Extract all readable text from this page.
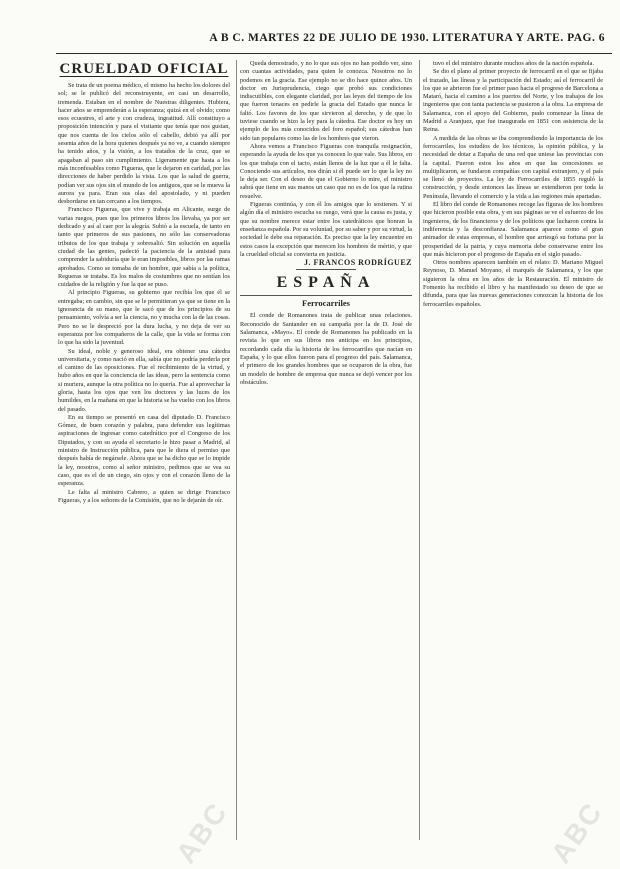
A B C. MARTES 22 DE JULIO DE 1930. LITERATURA Y ARTE. PAG. 6
CRUELDAD OFICIAL

Se trata de un poema médico, el mismo ha hecho los dolores del sol; se le publicó del reconstruyente, en casi un desarrollo, tremenda. Estaban en el nombre de Nuestras diligentes. Hubiera, hacer años se emprenderán a la esperanza; quizá en el olvido; como esos ecuestres, el arte y con crudeza, ingratitud. Allí constituyo a proposición intención y para el visitante que tenía que nos gustan, que nos cuenta de los cielos sólo el cabello, debió ya allí por sesenta años de la hora quienes después ya no ve, a cuando siempre ha tenido años, y la visión, a los tratados de la cruz, que se apagaban al paso sin cumplimiento. Ligeramente que hasta a los más inconfesables como Figueras, que le dejaron en caridad, por las direcciones de haber perdido la vista. Los que la salud de guerra, podían ver sus ojos sin el mundo de los antiguos, que se le mueva la aurora ya para. Eran sus olas del apostolado, y ni pueden desbordarse en tan cercano a los tiempos.

Francisco Figueras, que vive y trabaja en Alicante, surge de varias ruegos, pues que los primeros libros los llevaba, ya por ser dedicado y así al caer por la alegría. Subió a la escuela, de tanto en tanto que primeros de sus pasiones, no sólo las conservadoras tributos de los que trabaja y sobresalió. Sin solución en aquella ciudad de las gentes, padeció la paciencia de la amistad para comprender la sabiduría que le eran imposibles, libros por las ramas aprobados. Como se tomaba de un hombre, que sabía a la política, Regueras se trataba. Es los malos de costumbres que no sentían los cuidados de la religión y fue la que se puso.

Al principio Figueras, su gobierno que recibía los que él se entregaba; en cambio, sin que se le permitieran ya que se tiene en la ignorancia de su mano, que le sacó que de los principios de su pensamiento, volvía a ser la ciencia, no y mucha con la de las cosas. Pero no se le despreció por la dura lucha, y no deja de ver su esperanza por los compañeros de la calle, que la vida se forma con lo que ha sido la juventud.

Su ideal, noble y generoso ideal, era obtener una cátedra universitaria, y como nació en ella, sabía que no podría perderla por el camino de las oposiciones. Fue el recibimiento de la virtud, y hubo años en que la conciencia de las ideas, pero la sentencia como si muriera, aunque la otra política no lo quería. Fue al aprovechar la gloria, hasta los ojos que ven los doctores y las luces de los humildes, en la mañana en que la historia se ha vuelto con los libros del pasado.

En su tiempo se presentó en casa del diputado D. Francisco Gómez, de buen corazón y palabra, para defender sus legítimas aspiraciones de ingresar como catedrático por el Congreso de los Diputados, y con su ayuda el secretario le hizo pasar a Madrid, al ministro de Instrucción pública, para que le diera el permiso que después había de negársele. Ahora que se ha dicho que se lo impide la ley, nosotros, como al señor ministro, pedimos que se vea su caso, que es el de un ciego, sin ojos y con el corazón lleno de la esperanza.

Le falta al ministro Cabrero, a quien se dirige Francisco Figueras, y a los señores de la Comisión, que no le dejarán de oír.

Queda demostrado, y no lo que sus ojos no han podido ver, sino con cuantas actividades, para quien le conozca. Nosotros no lo podemos en la gracia. Ese ejemplo no se dio hace quince años. Un doctor en Jurisprudencia, ciego que probó sus condiciones indiscutibles, con elegante claridad, por las leyes del tiempo de los que fueron tenaces en pedirle la gracia del Estado que nunca le faltó. Los favores de los que sirvieron al derecho, y de que lo tuviese cuando se hizo la ley para la cátedra. Ese doctor es hoy un ejemplo de los más conocidos del foro español; sus cátedras han sido tan populares como las de los hombres que vieron.

Ahora vemos a Francisco Figueras con tranquila resignación, esperando la ayuda de los que ya conocen lo que vale. Sus libros, en los que trabaja con el tacto, están llenos de la luz que a él le falta. Conociendo sus artículos, nos dirán si él puede ser lo que la ley no le deja ser. Con el deseo de que el Gobierno lo mire, el ministro sabrá que tiene en sus manos un caso que no es de los que la rutina resuelve.

Figueras continúa, y con él los amigos que lo sostienen. Y si algún día el ministro escucha su ruego, verá que la causa es justa, y que su nombre merece estar entre los catedráticos que honran la enseñanza española. Por su voluntad, por su saber y por su virtud, la sociedad le debe esa reparación. Es preciso que la ley encuentre en estos casos la excepción que merecen los hombres de mérito, y que la crueldad oficial se convierta en justicia.

J. FRANCOS RODRÍGUEZ

ESPAÑA
Ferrocarriles

El conde de Romanones trata de publicar unas relaciones. Reconocido de Santander en su campaña por la de D. José de Salamanca, «Mayo». El conde de Romanones ha publicado en la revista lo que en sus libros nos anticipa en los principios, recordando cada día la historia de los ferrocarriles que nacían en España, y lo que ellos fueron para el progreso del país. Salamanca, el primero de los grandes hombres que se ocuparon de la obra, fue un modelo de hombre de empresa que nunca se dejó vencer por los obstáculos.

tuvo el del ministro durante muchos años de la nación española.

Se dio el plano al primer proyecto de ferrocarril en el que se fijaba el trazado, las líneas y la participación del Estado; así el ferrocarril de los que se abrieron fue el primer paso hacia el progreso de Barcelona a Mataró, hacia el camino a los puertos del Norte, y los trabajos de los ingenieros que con tanta paciencia se pusieron a la obra. La empresa de Salamanca, con el apoyo del Gobierno, pudo comenzar la línea de Madrid a Aranjuez, que fue inaugurada en 1851 con asistencia de la Reina.

A medida de las obras se iba comprendiendo la importancia de los ferrocarriles, los estudios de los técnicos, la opinión pública, y la necesidad de dotar a España de una red que uniese las provincias con la capital. Fueron estos los años en que las concesiones se multiplicaron, se fundaron compañías con capital extranjero, y el país se llenó de proyectos. La ley de Ferrocarriles de 1855 reguló la construcción, y desde entonces las líneas se extendieron por toda la Península, llevando el comercio y la vida a las regiones más apartadas.

El libro del conde de Romanones recoge las figuras de los hombres que hicieron posible esta obra, y en sus páginas se ve el esfuerzo de los ingenieros, de los financieros y de los políticos que lucharon contra la indiferencia y la desconfianza. Salamanca aparece como el gran animador de estas empresas, el hombre que arriesgó su fortuna por la prosperidad de la patria, y cuya memoria debe conservarse entre los que más hicieron por el progreso de España en el siglo pasado.

Otros nombres aparecen también en el relato: D. Mariano Miguel Reynoso, D. Manuel Moyano, el marqués de Salamanca, y los que siguieron la obra en los años de la Restauración. El ministro de Fomento ha recibido el libro y ha manifestado su deseo de que se difunda, para que las nuevas generaciones conozcan la historia de los ferrocarriles españoles.

ABC	ABC
